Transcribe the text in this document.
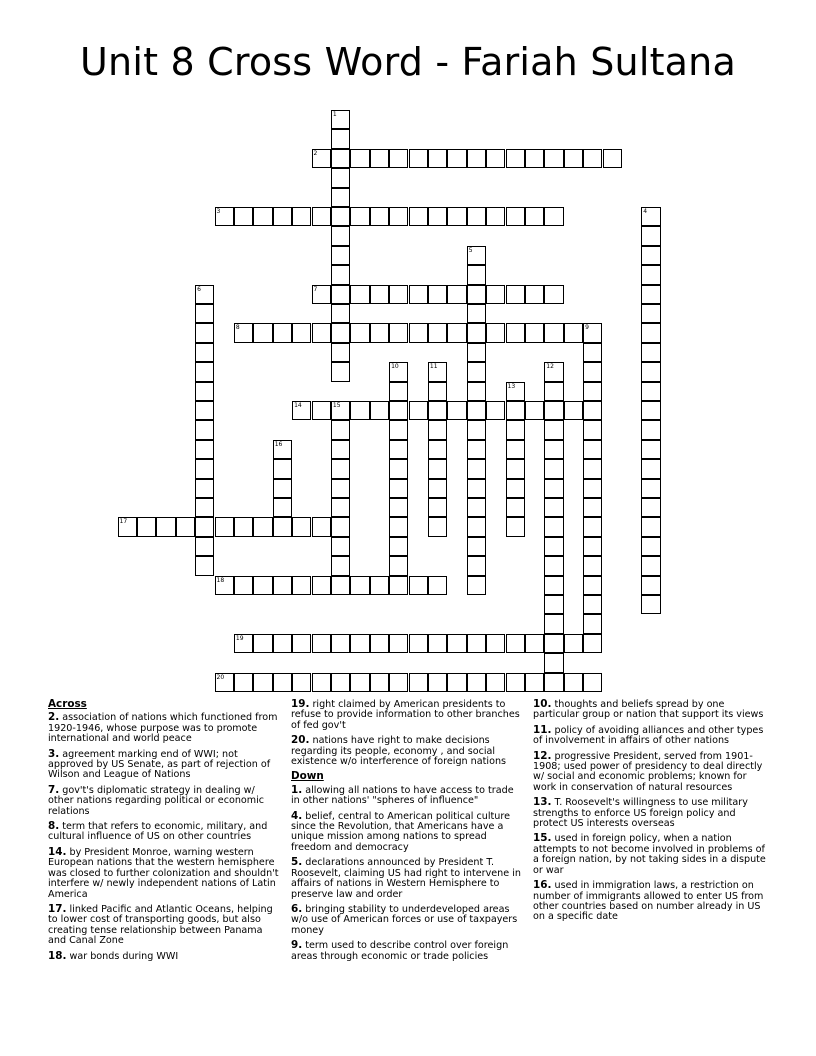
Unit 8 Cross Word - Fariah Sultana
1
2
3	4
5
6	7
8	9
10	11	12
13
14	15
16
17
18
19
20
Across

2. association of nations which functioned from 1920-1946, whose purpose was to promote international and world peace

3. agreement marking end of WWI; not approved by US Senate, as part of rejection of Wilson and League of Nations

7. gov't's diplomatic strategy in dealing w/ other nations regarding political or economic relations

8. term that refers to economic, military, and cultural influence of US on other countries

14. by President Monroe, warning western European nations that the western hemisphere was closed to further colonization and shouldn't interfere w/ newly independent nations of Latin America

17. linked Pacific and Atlantic Oceans, helping to lower cost of transporting goods, but also creating tense relationship between Panama and Canal Zone

18. war bonds during WWI

19. right claimed by American presidents to refuse to provide information to other branches of fed gov't

20. nations have right to make decisions regarding its people, economy , and social existence w/o interference of foreign nations

Down

1. allowing all nations to have access to trade in other nations' "spheres of influence"

4. belief, central to American political culture since the Revolution, that Americans have a unique mission among nations to spread freedom and democracy

5. declarations announced by President T. Roosevelt, claiming US had right to intervene in affairs of nations in Western Hemisphere to preserve law and order

6. bringing stability to underdeveloped areas w/o use of American forces or use of taxpayers money

9. term used to describe control over foreign areas through economic or trade policies

10. thoughts and beliefs spread by one particular group or nation that support its views

11. policy of avoiding alliances and other types of involvement in affairs of other nations

12. progressive President, served from 1901-1908; used power of presidency to deal directly w/ social and economic problems; known for work in conservation of natural resources

13. T. Roosevelt's willingness to use military strengths to enforce US foreign policy and protect US interests overseas

15. used in foreign policy, when a nation attempts to not become involved in problems of a foreign nation, by not taking sides in a dispute or war

16. used in immigration laws, a restriction on number of immigrants allowed to enter US from other countries based on number already in US on a specific date
